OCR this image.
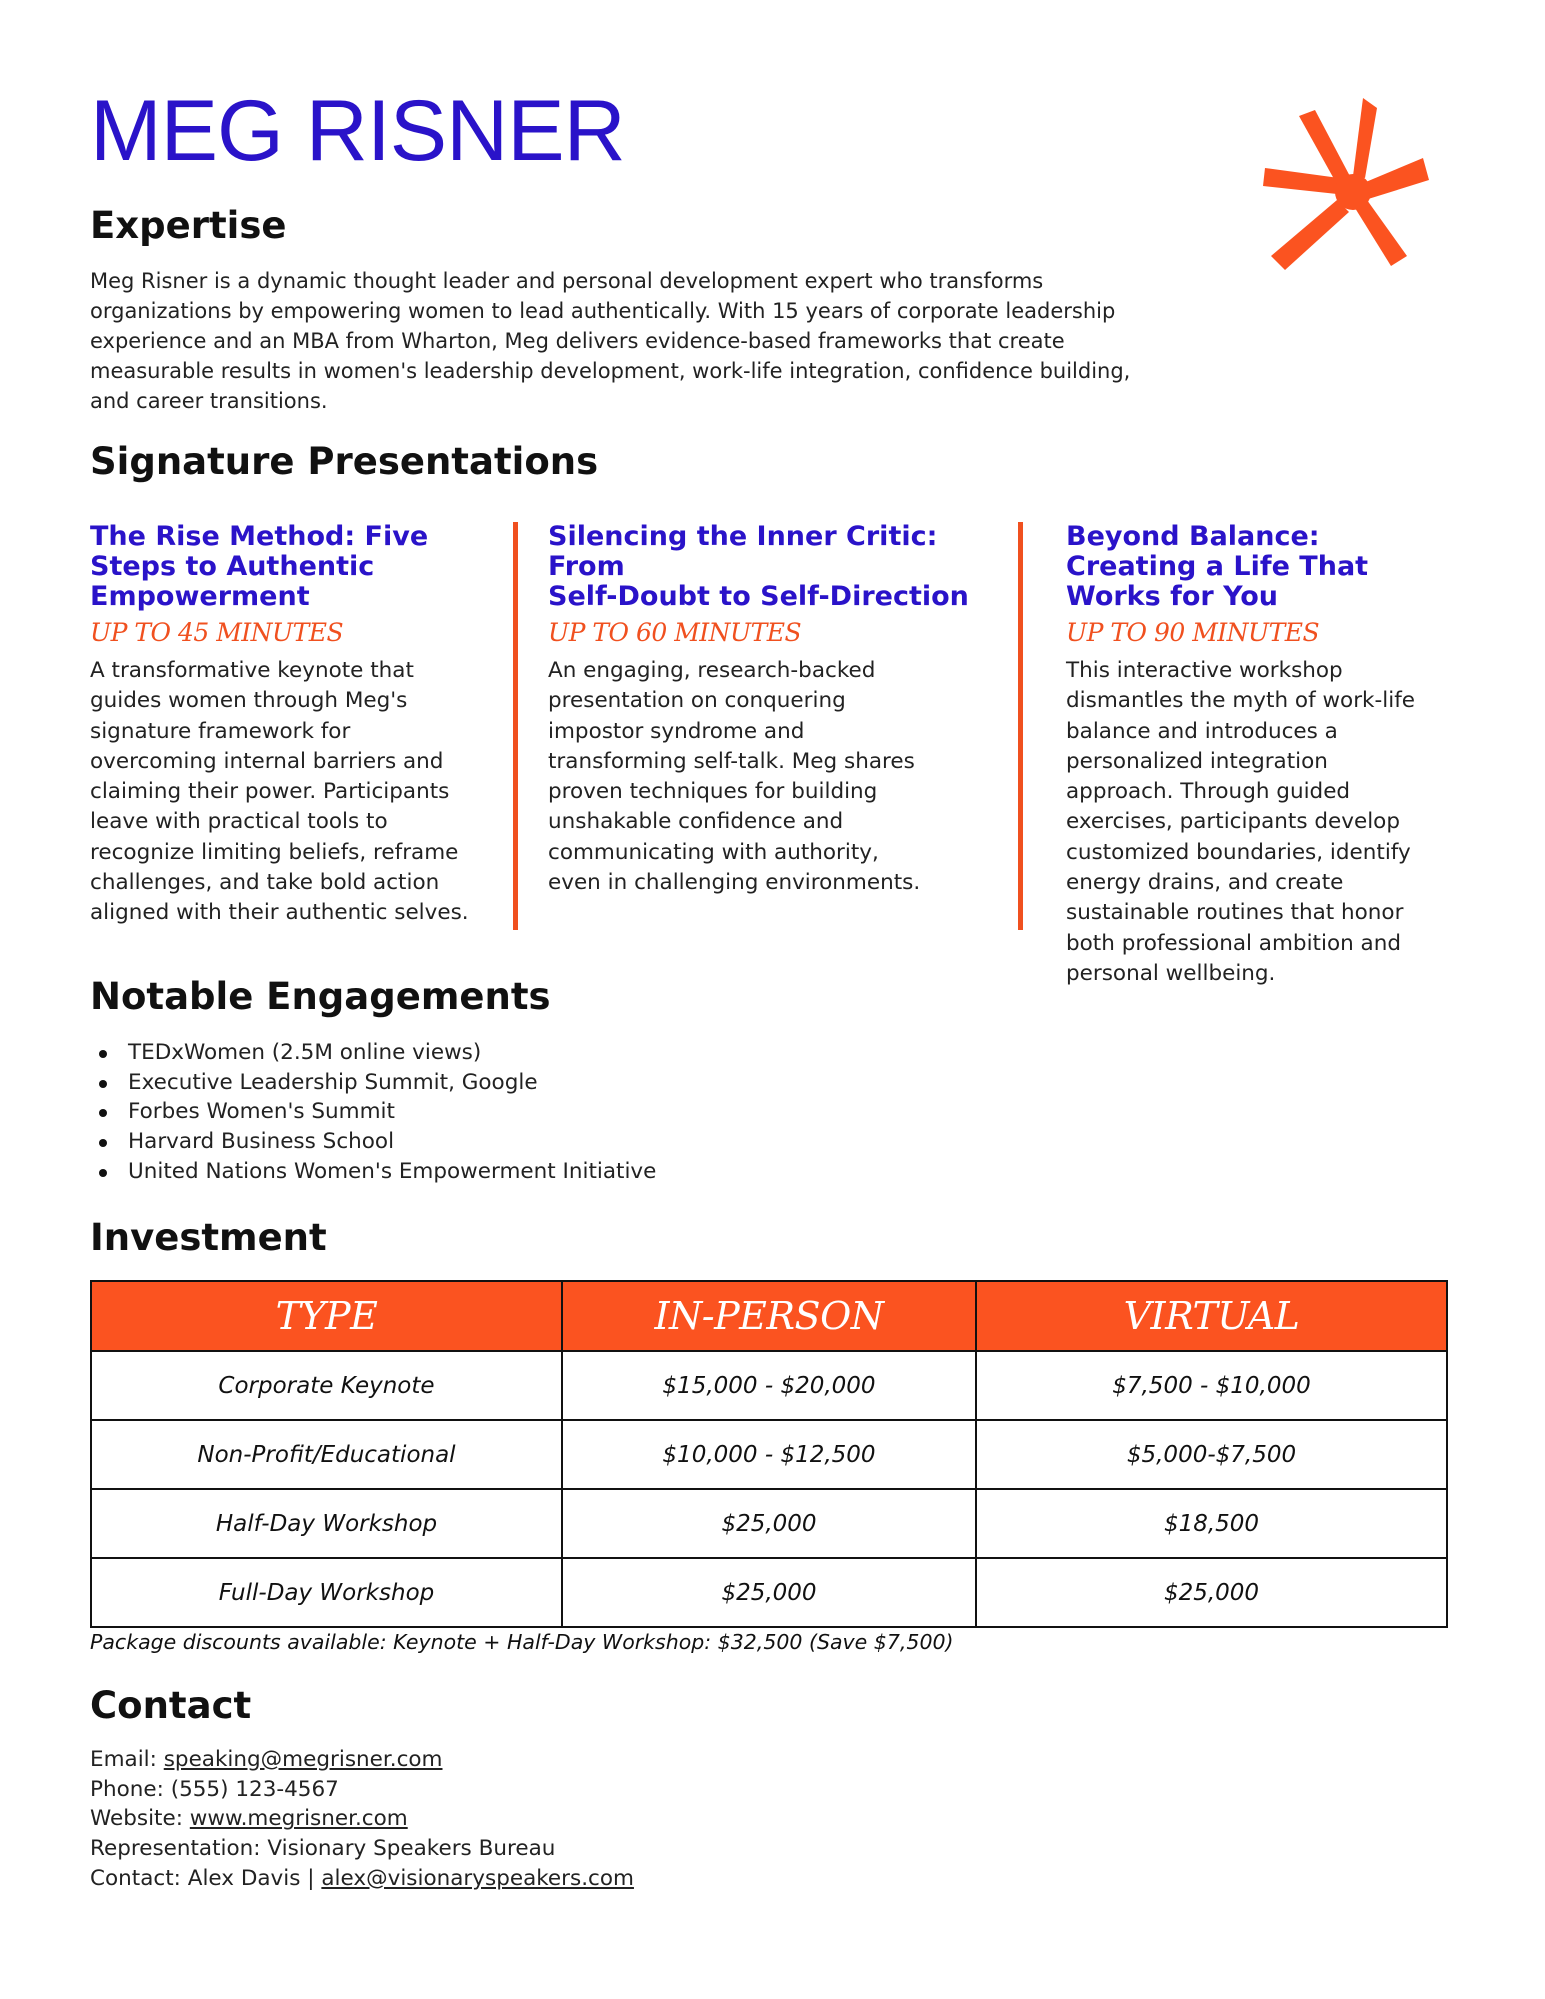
MEG RISNER
Expertise
Meg Risner is a dynamic thought leader and personal development expert who transforms
organizations by empowering women to lead authentically. With 15 years of corporate leadership
experience and an MBA from Wharton, Meg delivers evidence-based frameworks that create
measurable results in women's leadership development, work-life integration, confidence building,
and career transitions.
Signature Presentations
The Rise Method: Five
Steps to Authentic
Empowerment
UP TO 45 MINUTES
A transformative keynote that
guides women through Meg's
signature framework for
overcoming internal barriers and
claiming their power. Participants
leave with practical tools to
recognize limiting beliefs, reframe
challenges, and take bold action
aligned with their authentic selves.
Silencing the Inner Critic: From
Self-Doubt to Self-Direction
UP TO 60 MINUTES
An engaging, research-backed
presentation on conquering
impostor syndrome and
transforming self-talk. Meg shares
proven techniques for building
unshakable confidence and
communicating with authority,
even in challenging environments.
Beyond Balance:
Creating a Life That
Works for You
UP TO 90 MINUTES
This interactive workshop
dismantles the myth of work-life
balance and introduces a
personalized integration
approach. Through guided
exercises, participants develop
customized boundaries, identify
energy drains, and create
sustainable routines that honor
both professional ambition and
personal wellbeing.
Notable Engagements
TEDxWomen (2.5M online views)
Executive Leadership Summit, Google
Forbes Women's Summit
Harvard Business School
United Nations Women's Empowerment Initiative
Investment
TYPE	IN-PERSON	VIRTUAL
Corporate Keynote	$15,000 - $20,000	$7,500 - $10,000
Non-Profit/Educational	$10,000 - $12,500	$5,000-$7,500
Half-Day Workshop	$25,000	$18,500
Full-Day Workshop	$25,000	$25,000

Package discounts available: Keynote + Half-Day Workshop: $32,500 (Save $7,500)

Contact
Email: speaking@megrisner.com
Phone: (555) 123-4567
Website: www.megrisner.com
Representation: Visionary Speakers Bureau
Contact: Alex Davis | alex@visionaryspeakers.com
